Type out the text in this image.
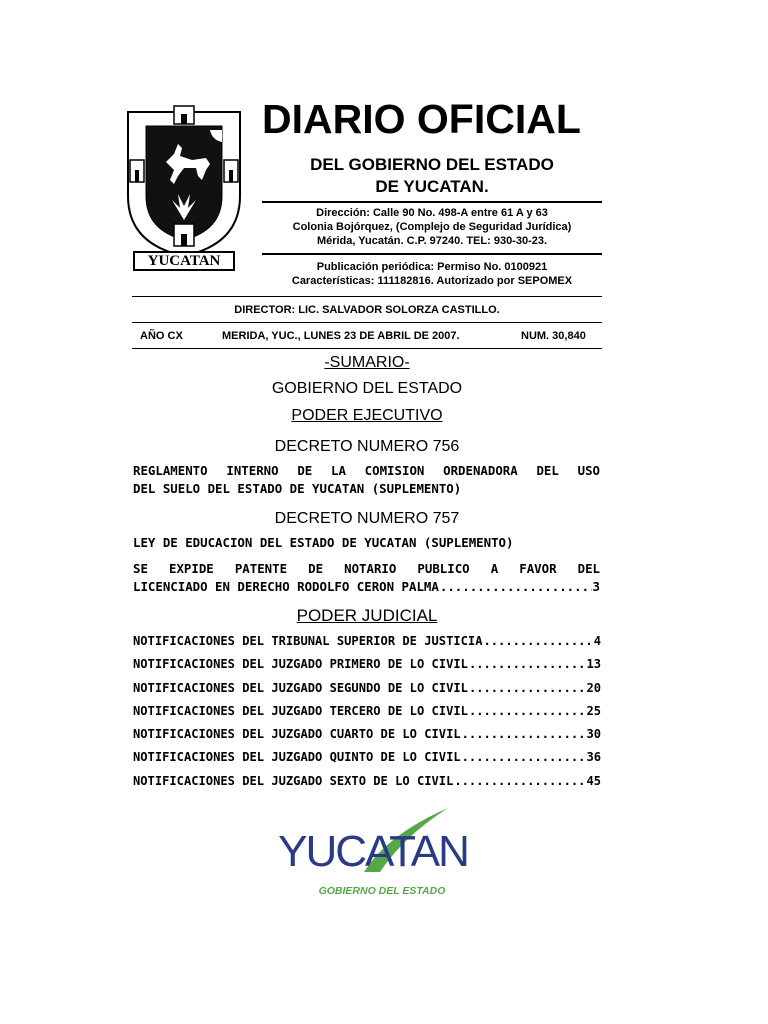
YUCATAN
DIARIO OFICIAL
DEL GOBIERNO DEL ESTADO
DE YUCATAN.
Dirección: Calle 90 No. 498-A entre 61 A y 63
Colonia Bojórquez, (Complejo de Seguridad Jurídica)
Mérida, Yucatán. C.P. 97240. TEL: 930-30-23.
Publicación periódica: Permiso No. 0100921
Características: 111182816. Autorizado por SEPOMEX
DIRECTOR: LIC. SALVADOR SOLORZA CASTILLO.
AÑO CX	MERIDA, YUC., LUNES 23 DE ABRIL DE 2007.	NUM. 30,840
-SUMARIO-
GOBIERNO DEL ESTADO
PODER EJECUTIVO
DECRETO NUMERO 756
REGLAMENTO INTERNO DE LA COMISION ORDENADORA DEL USO
DEL SUELO DEL ESTADO DE YUCATAN (SUPLEMENTO)
DECRETO NUMERO 757
LEY DE EDUCACION DEL ESTADO DE YUCATAN (SUPLEMENTO)
SE EXPIDE PATENTE DE NOTARIO PUBLICO A FAVOR DEL
LICENCIADO EN DERECHO RODOLFO CERON PALMA .....	3
PODER JUDICIAL
NOTIFICACIONES DEL TRIBUNAL SUPERIOR DE JUSTICIA .....	4
NOTIFICACIONES DEL JUZGADO PRIMERO DE LO CIVIL .....	13
NOTIFICACIONES DEL JUZGADO SEGUNDO DE LO CIVIL .....	20
NOTIFICACIONES DEL JUZGADO TERCERO DE LO CIVIL .....	25
NOTIFICACIONES DEL JUZGADO CUARTO DE LO CIVIL .....	30
NOTIFICACIONES DEL JUZGADO QUINTO DE LO CIVIL .....	36
NOTIFICACIONES DEL JUZGADO SEXTO DE LO CIVIL .....	45
YUCATAN
GOBIERNO DEL ESTADO
